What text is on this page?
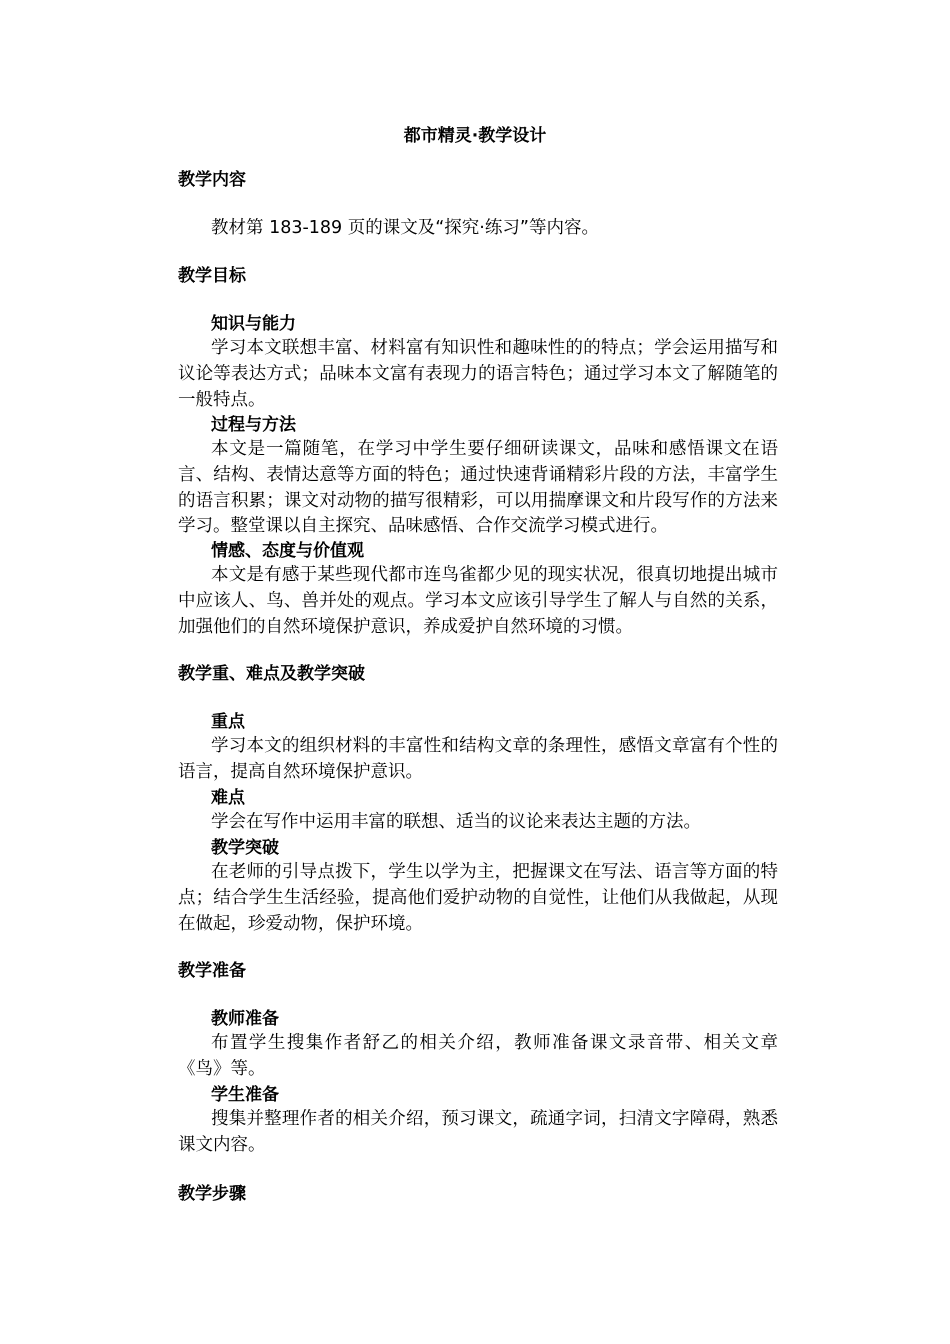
都市精灵·教学设计
教学内容

教材第 183-189 页的课文及“探究·练习”等内容。

教学目标
知识与能力

学习本文联想丰富、材料富有知识性和趣味性的的特点；学会运用描写和议论等表达方式；品味本文富有表现力的语言特色；通过学习本文了解随笔的一般特点。

过程与方法

本文是一篇随笔，在学习中学生要仔细研读课文，品味和感悟课文在语言、结构、表情达意等方面的特色；通过快速背诵精彩片段的方法，丰富学生的语言积累；课文对动物的描写很精彩，可以用揣摩课文和片段写作的方法来学习。整堂课以自主探究、品味感悟、合作交流学习模式进行。

情感、态度与价值观

本文是有感于某些现代都市连鸟雀都少见的现实状况，很真切地提出城市中应该人、鸟、兽并处的观点。学习本文应该引导学生了解人与自然的关系，加强他们的自然环境保护意识，养成爱护自然环境的习惯。

教学重、难点及教学突破
重点

学习本文的组织材料的丰富性和结构文章的条理性，感悟文章富有个性的语言，提高自然环境保护意识。

难点

学会在写作中运用丰富的联想、适当的议论来表达主题的方法。

教学突破

在老师的引导点拨下，学生以学为主，把握课文在写法、语言等方面的特点；结合学生生活经验，提高他们爱护动物的自觉性，让他们从我做起，从现在做起，珍爱动物，保护环境。

教学准备
教师准备

布置学生搜集作者舒乙的相关介绍，教师准备课文录音带、相关文章《鸟》等。

学生准备

搜集并整理作者的相关介绍，预习课文，疏通字词，扫清文字障碍，熟悉课文内容。

教学步骤
